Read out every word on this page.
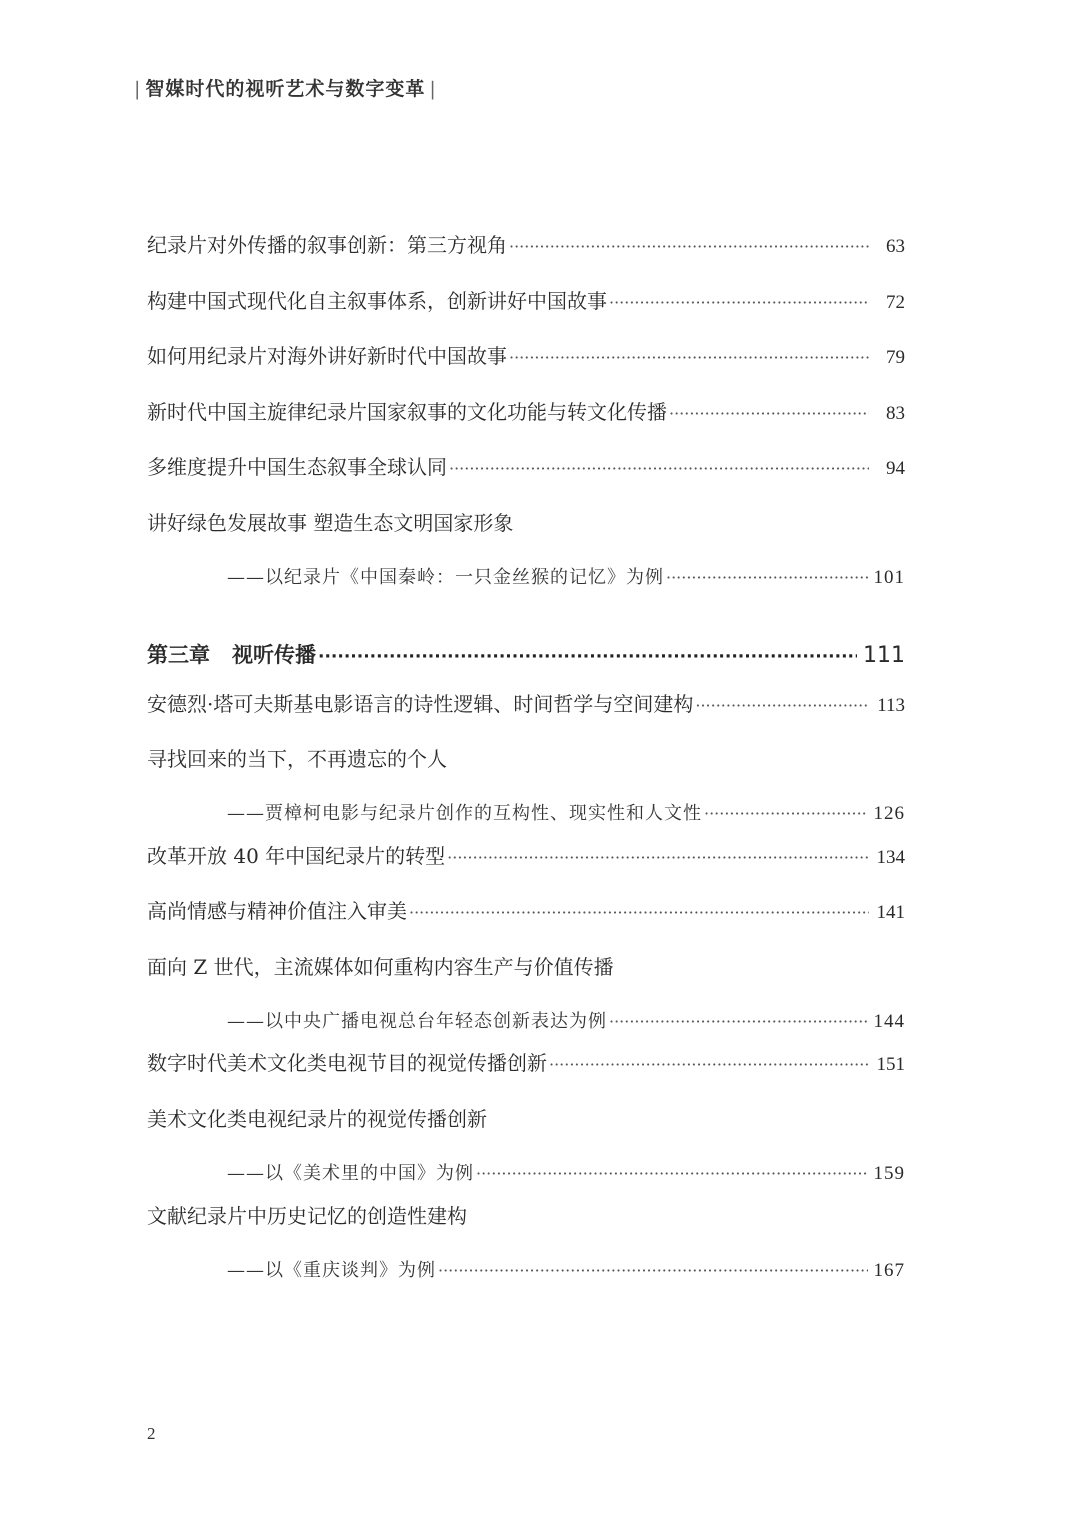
| 智媒时代的视听艺术与数字变革 |
纪录片对外传播的叙事创新：第三方视角 ·····	63
构建中国式现代化自主叙事体系，创新讲好中国故事 ·····	72
如何用纪录片对海外讲好新时代中国故事 ·····	79
新时代中国主旋律纪录片国家叙事的文化功能与转文化传播 ·····	83
多维度提升中国生态叙事全球认同 ·····	94
讲好绿色发展故事 塑造生态文明国家形象
——以纪录片《中国秦岭：一只金丝猴的记忆》为例 ·····	101
第三章 视听传播 ·····	111
安德烈·塔可夫斯基电影语言的诗性逻辑、时间哲学与空间建构 ·····	113
寻找回来的当下，不再遗忘的个人
——贾樟柯电影与纪录片创作的互构性、现实性和人文性 ·····	126
改革开放 40 年中国纪录片的转型 ·····	134
高尚情感与精神价值注入审美 ·····	141
面向 Z 世代，主流媒体如何重构内容生产与价值传播
——以中央广播电视总台年轻态创新表达为例 ·····	144
数字时代美术文化类电视节目的视觉传播创新 ·····	151
美术文化类电视纪录片的视觉传播创新
——以《美术里的中国》为例 ·····	159
文献纪录片中历史记忆的创造性建构
——以《重庆谈判》为例 ·····	167
2
